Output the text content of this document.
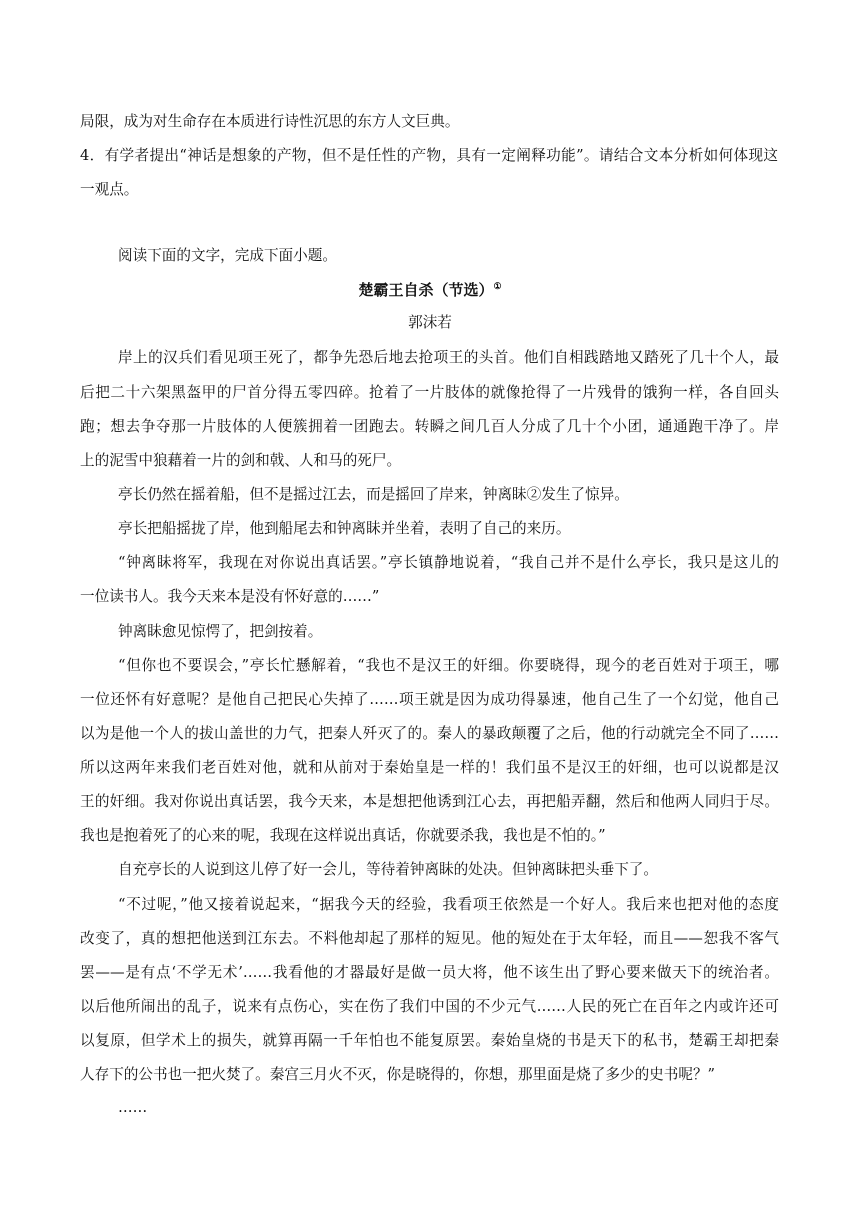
局限，成为对生命存在本质进行诗性沉思的东方人文巨典。

4．有学者提出“神话是想象的产物，但不是任性的产物，具有一定阐释功能”。请结合文本分析如何体现这

一观点。

阅读下面的文字，完成下面小题。

楚霸王自杀（节选）①

郭沫若

岸上的汉兵们看见项王死了，都争先恐后地去抢项王的头首。他们自相践踏地又踏死了几十个人，最

后把二十六架黑盔甲的尸首分得五零四碎。抢着了一片肢体的就像抢得了一片残骨的饿狗一样，各自回头

跑；想去争夺那一片肢体的人便簇拥着一团跑去。转瞬之间几百人分成了几十个小团，通通跑干净了。岸

上的泥雪中狼藉着一片的剑和戟、人和马的死尸。

亭长仍然在摇着船，但不是摇过江去，而是摇回了岸来，钟离眛②发生了惊异。

亭长把船摇拢了岸，他到船尾去和钟离眛并坐着，表明了自己的来历。

“钟离眛将军，我现在对你说出真话罢。”亭长镇静地说着，“我自己并不是什么亭长，我只是这儿的

一位读书人。我今天来本是没有怀好意的……”

钟离眛愈见惊愕了，把剑按着。

“但你也不要误会，”亭长忙懸解着，“我也不是汉王的奸细。你要晓得，现今的老百姓对于项王，哪

一位还怀有好意呢？是他自己把民心失掉了……项王就是因为成功得暴速，他自己生了一个幻觉，他自己

以为是他一个人的拔山盖世的力气，把秦人歼灭了的。秦人的暴政颠覆了之后，他的行动就完全不同了……

所以这两年来我们老百姓对他，就和从前对于秦始皇是一样的！我们虽不是汉王的奸细，也可以说都是汉

王的奸细。我对你说出真话罢，我今天来，本是想把他诱到江心去，再把船弄翻，然后和他两人同归于尽。

我也是抱着死了的心来的呢，我现在这样说出真话，你就要杀我，我也是不怕的。”

自充亭长的人说到这儿停了好一会儿，等待着钟离眛的处决。但钟离眛把头垂下了。

“不过呢，”他又接着说起来，“据我今天的经验，我看项王依然是一个好人。我后来也把对他的态度

改变了，真的想把他送到江东去。不料他却起了那样的短见。他的短处在于太年轻，而且——恕我不客气

罢——是有点‘不学无术’……我看他的才器最好是做一员大将，他不该生出了野心要来做天下的统治者。

以后他所闹出的乱子，说来有点伤心，实在伤了我们中国的不少元气……人民的死亡在百年之内或许还可

以复原，但学术上的损失，就算再隔一千年怕也不能复原罢。秦始皇烧的书是天下的私书，楚霸王却把秦

人存下的公书也一把火焚了。秦宫三月火不灭，你是晓得的，你想，那里面是烧了多少的史书呢？”

……
